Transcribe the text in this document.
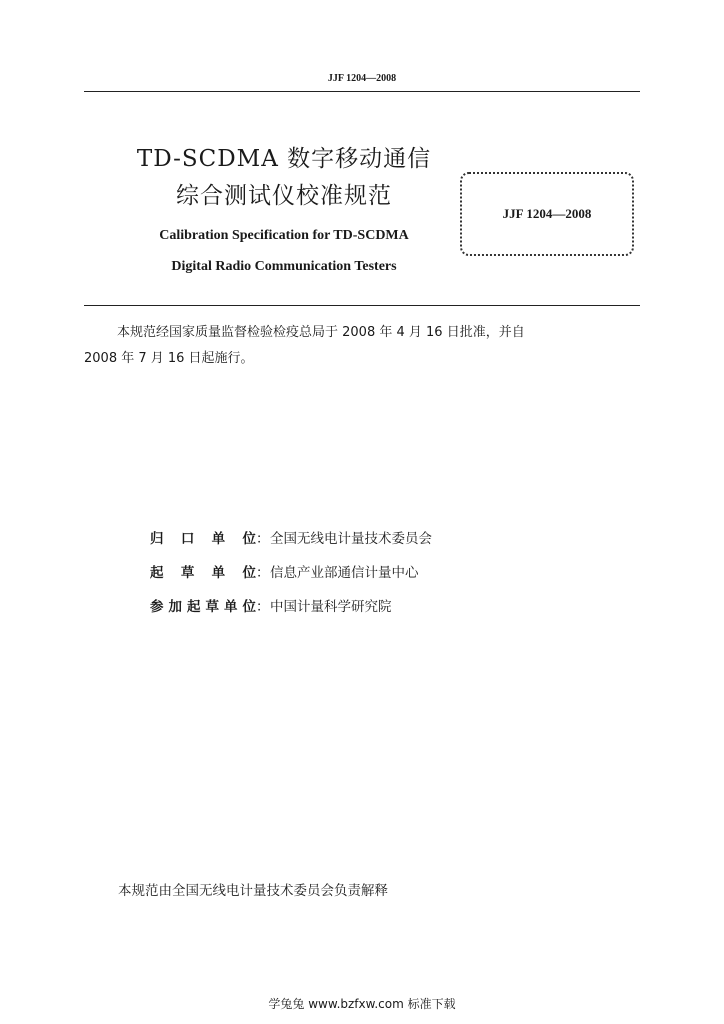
JJF 1204—2008
TD-SCDMA 数字移动通信
综合测试仪校准规范
Calibration Specification for TD-SCDMA
Digital Radio Communication Testers
JJF 1204—2008
本规范经国家质量监督检验检疫总局于 2008 年 4 月 16 日批准，并自
2008 年 7 月 16 日起施行。
归口单位：全国无线电计量技术委员会
起草单位：信息产业部通信计量中心
参加起草单位：中国计量科学研究院
本规范由全国无线电计量技术委员会负责解释
学兔兔 www.bzfxw.com 标准下载
